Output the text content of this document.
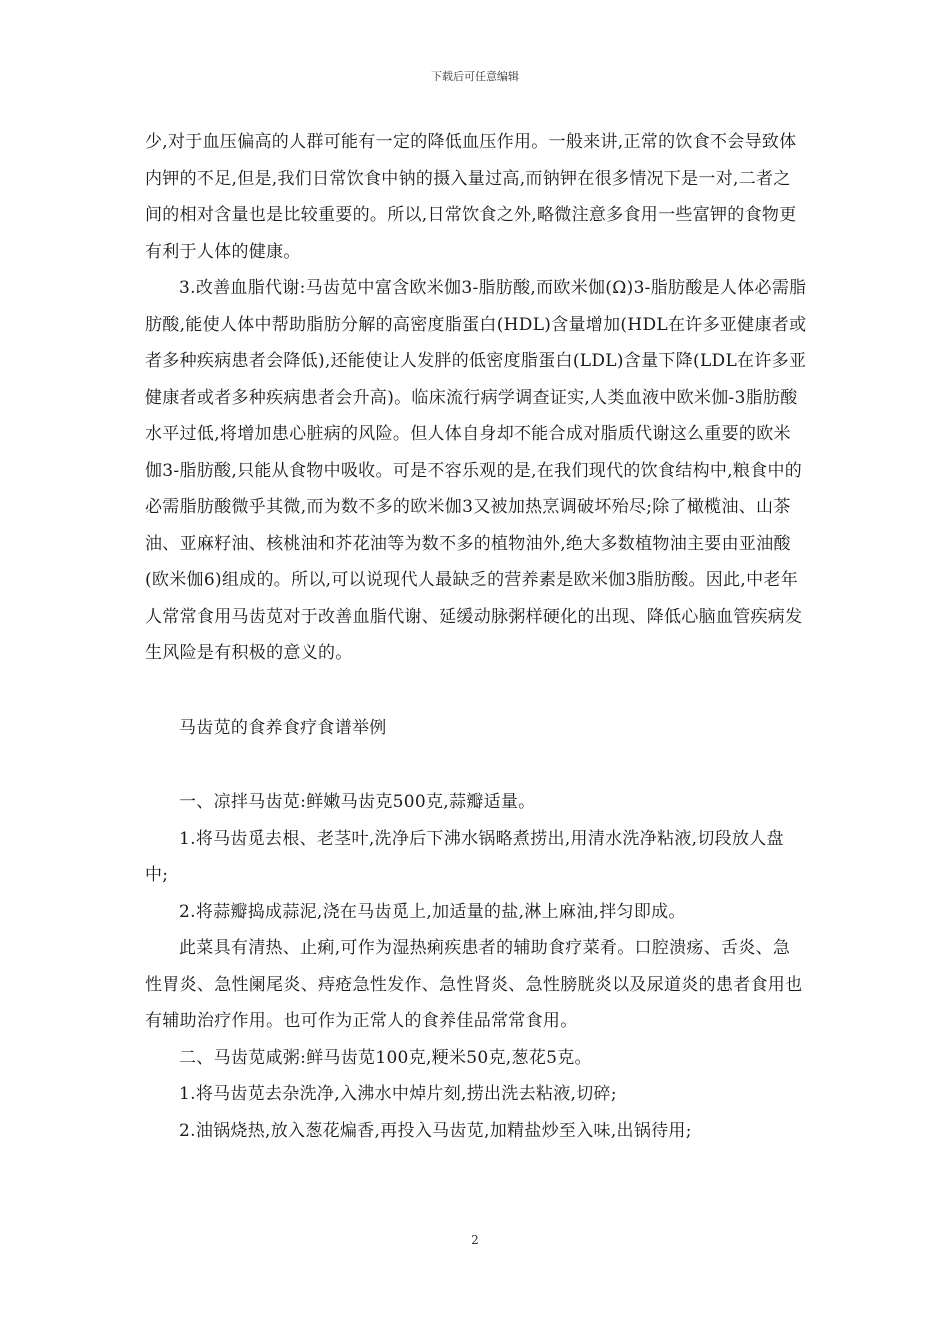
下载后可任意编辑

少,对于血压偏高的人群可能有一定的降低血压作用。一般来讲,正常的饮食不会导致体内钾的不足,但是,我们日常饮食中钠的摄入量过高,而钠钾在很多情况下是一对,二者之间的相对含量也是比较重要的。所以,日常饮食之外,略微注意多食用一些富钾的食物更有利于人体的健康。

3.改善血脂代谢:马齿苋中富含欧米伽3-脂肪酸,而欧米伽(Ω)3-脂肪酸是人体必需脂肪酸,能使人体中帮助脂肪分解的高密度脂蛋白(HDL)含量增加(HDL在许多亚健康者或者多种疾病患者会降低),还能使让人发胖的低密度脂蛋白(LDL)含量下降(LDL在许多亚健康者或者多种疾病患者会升高)。临床流行病学调查证实,人类血液中欧米伽-3脂肪酸水平过低,将增加患心脏病的风险。但人体自身却不能合成对脂质代谢这么重要的欧米伽3-脂肪酸,只能从食物中吸收。可是不容乐观的是,在我们现代的饮食结构中,粮食中的必需脂肪酸微乎其微,而为数不多的欧米伽3又被加热烹调破坏殆尽;除了橄榄油、山茶油、亚麻籽油、核桃油和芥花油等为数不多的植物油外,绝大多数植物油主要由亚油酸(欧米伽6)组成的。所以,可以说现代人最缺乏的营养素是欧米伽3脂肪酸。因此,中老年人常常食用马齿苋对于改善血脂代谢、延缓动脉粥样硬化的出现、降低心脑血管疾病发生风险是有积极的意义的。

马齿苋的食养食疗食谱举例

一、凉拌马齿苋:鲜嫩马齿克500克,蒜瓣适量。

1.将马齿觅去根、老茎叶,洗净后下沸水锅略煮捞出,用清水洗净粘液,切段放人盘中;

2.将蒜瓣捣成蒜泥,浇在马齿觅上,加适量的盐,淋上麻油,拌匀即成。

此菜具有清热、止痢,可作为湿热痢疾患者的辅助食疗菜肴。口腔溃疡、舌炎、急性胃炎、急性阑尾炎、痔疮急性发作、急性肾炎、急性膀胱炎以及尿道炎的患者食用也有辅助治疗作用。也可作为正常人的食养佳品常常食用。

二、马齿苋咸粥:鲜马齿苋100克,粳米50克,葱花5克。

1.将马齿苋去杂洗净,入沸水中焯片刻,捞出洗去粘液,切碎;

2.油锅烧热,放入葱花煸香,再投入马齿苋,加精盐炒至入味,出锅待用;

2
